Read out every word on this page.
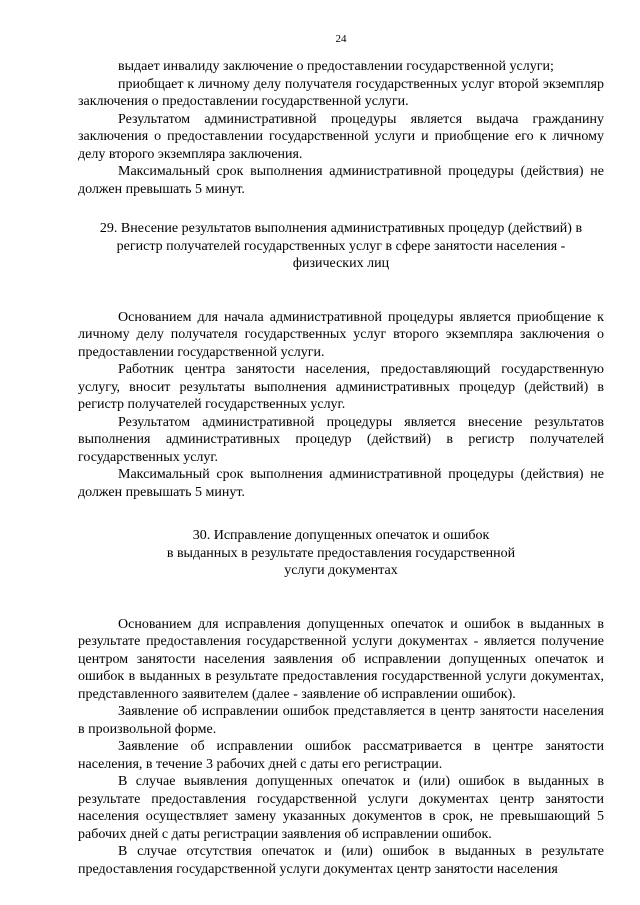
24

выдает инвалиду заключение о предоставлении государственной услуги;

приобщает к личному делу получателя государственных услуг второй экземпляр заключения о предоставлении государственной услуги.

Результатом административной процедуры является выдача гражданину заключения о предоставлении государственной услуги и приобщение его к личному делу второго экземпляра заключения.

Максимальный срок выполнения административной процедуры (действия) не должен превышать 5 минут.

29. Внесение результатов выполнения административных процедур (действий) в
регистр получателей государственных услуг в сфере занятости населения -
физических лиц

Основанием для начала административной процедуры является приобщение к личному делу получателя государственных услуг второго экземпляра заключения о предоставлении государственной услуги.

Работник центра занятости населения, предоставляющий государственную услугу, вносит результаты выполнения административных процедур (действий) в регистр получателей государственных услуг.

Результатом административной процедуры является внесение результатов выполнения административных процедур (действий) в регистр получателей государственных услуг.

Максимальный срок выполнения административной процедуры (действия) не должен превышать 5 минут.

30. Исправление допущенных опечаток и ошибок
в выданных в результате предоставления государственной
услуги документах

Основанием для исправления допущенных опечаток и ошибок в выданных в результате предоставления государственной услуги документах - является получение центром занятости населения заявления об исправлении допущенных опечаток и ошибок в выданных в результате предоставления государственной услуги документах, представленного заявителем (далее - заявление об исправлении ошибок).

Заявление об исправлении ошибок представляется в центр занятости населения в произвольной форме.

Заявление об исправлении ошибок рассматривается в центре занятости населения, в течение 3 рабочих дней с даты его регистрации.

В случае выявления допущенных опечаток и (или) ошибок в выданных в результате предоставления государственной услуги документах центр занятости населения осуществляет замену указанных документов в срок, не превышающий 5 рабочих дней с даты регистрации заявления об исправлении ошибок.

В случае отсутствия опечаток и (или) ошибок в выданных в результате предоставления государственной услуги документах центр занятости населения
